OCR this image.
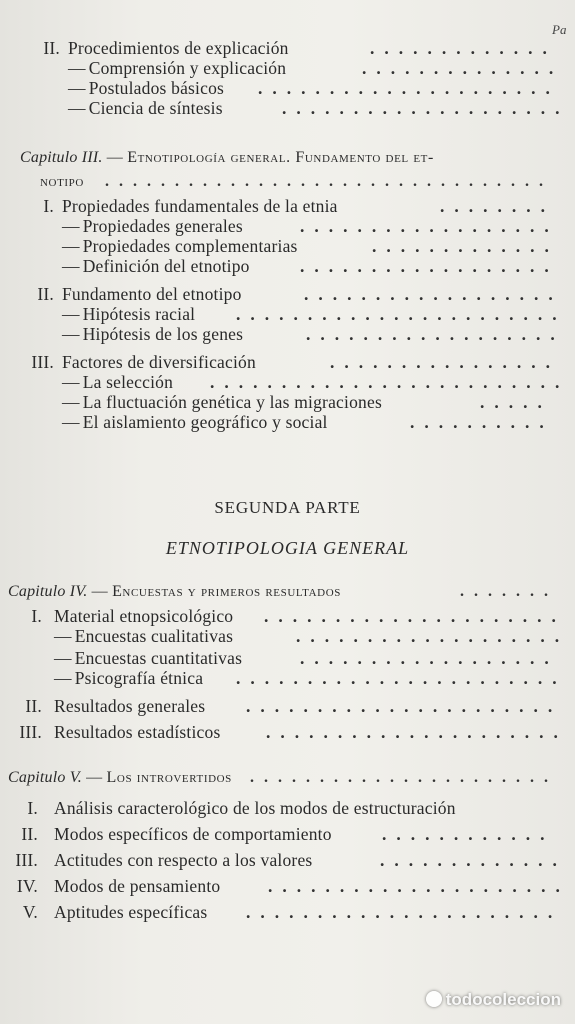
Pa
II. Procedimientos de explicación	.............
— Comprensión y explicación	..............
— Postulados básicos .....................
— Ciencia de síntesis	....................
Capitulo III. — Etnotipología general. Fundamento del et-
notipo ................................
I. Propiedades fundamentales de la etnia	........
— Propiedades generales	..................
— Propiedades complementarias	.............
— Definición del etnotipo	..................
II. Fundamento del etnotipo	..................
— Hipótesis racial .......................
— Hipótesis de los genes	..................
III. Factores de diversificación	................
— La selección .........................
— La fluctuación genética y las migraciones	.....
— El aislamiento geográfico y social	..........
SEGUNDA PARTE
ETNOTIPOLOGIA GENERAL
Capitulo IV. — Encuestas y primeros resultados	.......
I. Material etnopsicológico .....................
— Encuestas cualitativas	...................
— Encuestas cuantitativas	..................
— Psicografía étnica .......................
II. Resultados generales ......................
III. Resultados estadísticos	.....................
Capitulo V. — Los introvertidos ......................
I. Análisis caracterológico de los modos de estructuración
II. Modos específicos de comportamiento	............
III. Actitudes con respecto a los valores	.............
IV. Modos de pensamiento	.....................
V. Aptitudes específicas ......................
todocoleccion
